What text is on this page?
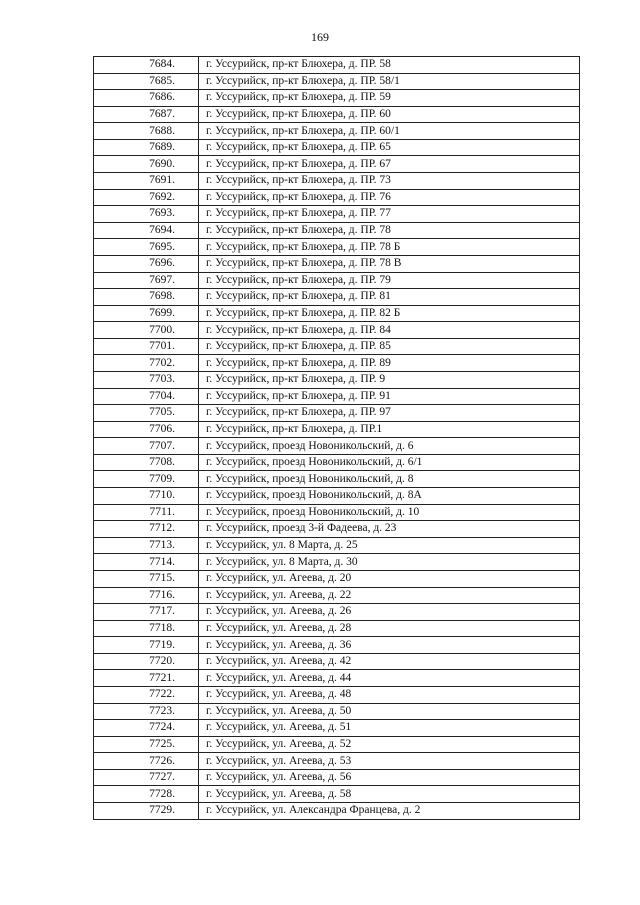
169
7684.	г. Уссурийск, пр-кт Блюхера, д. ПР. 58
7685.	г. Уссурийск, пр-кт Блюхера, д. ПР. 58/1
7686.	г. Уссурийск, пр-кт Блюхера, д. ПР. 59
7687.	г. Уссурийск, пр-кт Блюхера, д. ПР. 60
7688.	г. Уссурийск, пр-кт Блюхера, д. ПР. 60/1
7689.	г. Уссурийск, пр-кт Блюхера, д. ПР. 65
7690.	г. Уссурийск, пр-кт Блюхера, д. ПР. 67
7691.	г. Уссурийск, пр-кт Блюхера, д. ПР. 73
7692.	г. Уссурийск, пр-кт Блюхера, д. ПР. 76
7693.	г. Уссурийск, пр-кт Блюхера, д. ПР. 77
7694.	г. Уссурийск, пр-кт Блюхера, д. ПР. 78
7695.	г. Уссурийск, пр-кт Блюхера, д. ПР. 78 Б
7696.	г. Уссурийск, пр-кт Блюхера, д. ПР. 78 В
7697.	г. Уссурийск, пр-кт Блюхера, д. ПР. 79
7698.	г. Уссурийск, пр-кт Блюхера, д. ПР. 81
7699.	г. Уссурийск, пр-кт Блюхера, д. ПР. 82 Б
7700.	г. Уссурийск, пр-кт Блюхера, д. ПР. 84
7701.	г. Уссурийск, пр-кт Блюхера, д. ПР. 85
7702.	г. Уссурийск, пр-кт Блюхера, д. ПР. 89
7703.	г. Уссурийск, пр-кт Блюхера, д. ПР. 9
7704.	г. Уссурийск, пр-кт Блюхера, д. ПР. 91
7705.	г. Уссурийск, пр-кт Блюхера, д. ПР. 97
7706.	г. Уссурийск, пр-кт Блюхера, д. ПР.1
7707.	г. Уссурийск, проезд Новоникольский, д. 6
7708.	г. Уссурийск, проезд Новоникольский, д. 6/1
7709.	г. Уссурийск, проезд Новоникольский, д. 8
7710.	г. Уссурийск, проезд Новоникольский, д. 8А
7711.	г. Уссурийск, проезд Новоникольский, д. 10
7712.	г. Уссурийск, проезд 3-й Фадеева, д. 23
7713.	г. Уссурийск, ул. 8 Марта, д. 25
7714.	г. Уссурийск, ул. 8 Марта, д. 30
7715.	г. Уссурийск, ул. Агеева, д. 20
7716.	г. Уссурийск, ул. Агеева, д. 22
7717.	г. Уссурийск, ул. Агеева, д. 26
7718.	г. Уссурийск, ул. Агеева, д. 28
7719.	г. Уссурийск, ул. Агеева, д. 36
7720.	г. Уссурийск, ул. Агеева, д. 42
7721.	г. Уссурийск, ул. Агеева, д. 44
7722.	г. Уссурийск, ул. Агеева, д. 48
7723.	г. Уссурийск, ул. Агеева, д. 50
7724.	г. Уссурийск, ул. Агеева, д. 51
7725.	г. Уссурийск, ул. Агеева, д. 52
7726.	г. Уссурийск, ул. Агеева, д. 53
7727.	г. Уссурийск, ул. Агеева, д. 56
7728.	г. Уссурийск, ул. Агеева, д. 58
7729.	г. Уссурийск, ул. Александра Францева, д. 2
